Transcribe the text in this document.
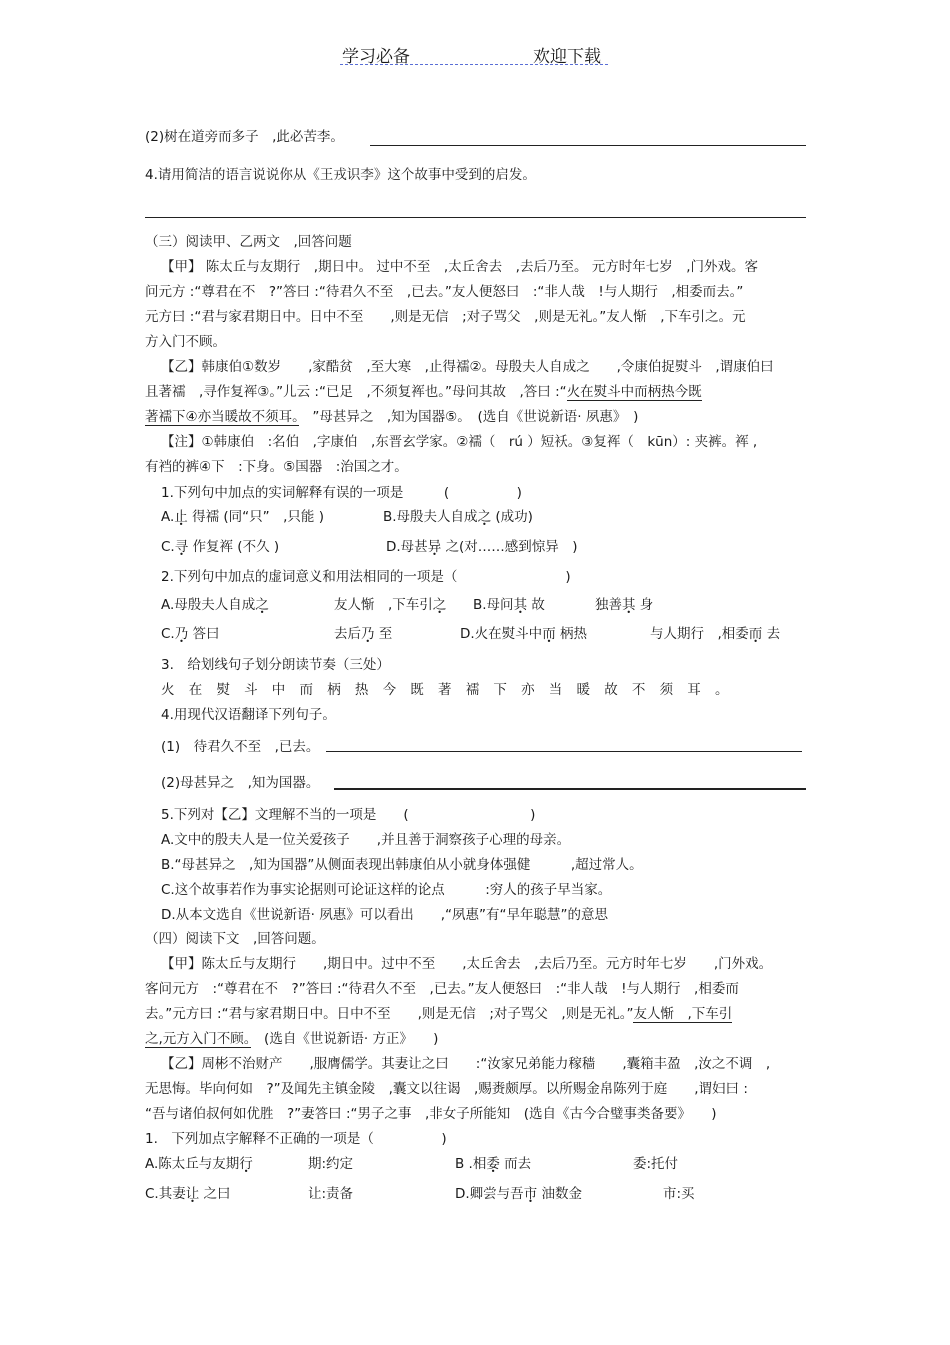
学习必备	欢迎下载
(2)树在道旁而多子　,此必苦李。
4.请用简洁的语言说说你从《王戎识李》这个故事中受到的启发。
（三）阅读甲、乙两文　,回答问题
【甲】 陈太丘与友期行　,期日中。 过中不至　,太丘舍去　,去后乃至。 元方时年七岁　,门外戏。客
问元方 :“尊君在不　?”答曰 :“待君久不至　,已去。”友人便怒曰　:“非人哉　!与人期行　,相委而去。”
元方曰 :“君与家君期日中。日中不至　　,则是无信　;对子骂父　,则是无礼。”友人惭　,下车引之。元
方入门不顾。
【乙】韩康伯①数岁　　,家酷贫　,至大寒　,止得襦②。母殷夫人自成之　　,令康伯捉熨斗　,谓康伯曰
且著襦　,寻作复裈③。”儿云 :“已足　,不须复裈也。”母问其故　,答曰 :“火在熨斗中而柄热今既
著襦下④亦当暖故不须耳。　”母甚异之　,知为国器⑤。　(选自《世说新语· 夙惠》　)
【注】①韩康伯　:名伯　,字康伯　,东晋玄学家。②襦（　rú ）短袄。③复裈（　kūn）: 夹裤。裈 ,
有裆的裤④下　:下身。⑤国器　:治国之才。
1.下列句中加点的实词解释有误的一项是　　　(　　　　　)
A.止 得襦 (同“只”　,只能 )	B.母殷夫人自成之 (成功)
C.寻 作复裈 (不久 )	D.母甚异 之(对……感到惊异　)
2.下列句中加点的虚词意义和用法相同的一项是（　　　　　　　　)
A.母殷夫人自成之	友人惭　,下车引之 B.母问其 故	独善其 身
C.乃 答曰	去后乃 至	D.火在熨斗中而 柄热	与人期行　,相委而 去
3.　给划线句子划分朗读节奏（三处）
火在熨斗中而柄热今既著襦下亦当暖故不须耳。
4.用现代汉语翻译下列句子。
(1)　待君久不至　,已去。
(2)母甚异之　,知为国器。
5.下列对【乙】文理解不当的一项是　　(　　　　　　　　　)
A.文中的殷夫人是一位关爱孩子　　,并且善于洞察孩子心理的母亲。
B.“母甚异之　,知为国器”从侧面表现出韩康伯从小就身体强健　　　,超过常人。
C.这个故事若作为事实论据则可论证这样的论点　　　:穷人的孩子早当家。
D.从本文选自《世说新语· 夙惠》可以看出　　,“夙惠”有“早年聪慧”的意思
（四）阅读下文　,回答问题。
【甲】陈太丘与友期行　　,期日中。过中不至　　,太丘舍去　,去后乃至。元方时年七岁　　,门外戏。
客问元方　:“尊君在不　?”答曰 :“待君久不至　,已去。”友人便怒曰　:“非人哉　!与人期行　,相委而
去。”元方曰 :“君与家君期日中。日中不至　　,则是无信　;对子骂父　,则是无礼。”友人惭　,下车引
之,元方入门不顾。　(选自《世说新语· 方正》　　)
【乙】周彬不治财产　　,服膺儒学。其妻让之曰　　:“汝家兄弟能力稼穑　　,囊箱丰盈　,汝之不调　,
无思悔。毕向何如　?”及闻先主镇金陵　,囊文以往谒　,赐赉颇厚。以所赐金帛陈列于庭　　,谓妇曰 :
“吾与诸伯叔何如优胜　?”妻答曰 :“男子之事　,非女子所能知　(选自《古今合璧事类备要》　　)
1.　下列加点字解释不正确的一项是（　　　　　)
A.陈太丘与友期行	期:约定	B .相委 而去	委:托付
C.其妻让 之曰	让:责备	D.卿尝与吾市 油数金	市:买
